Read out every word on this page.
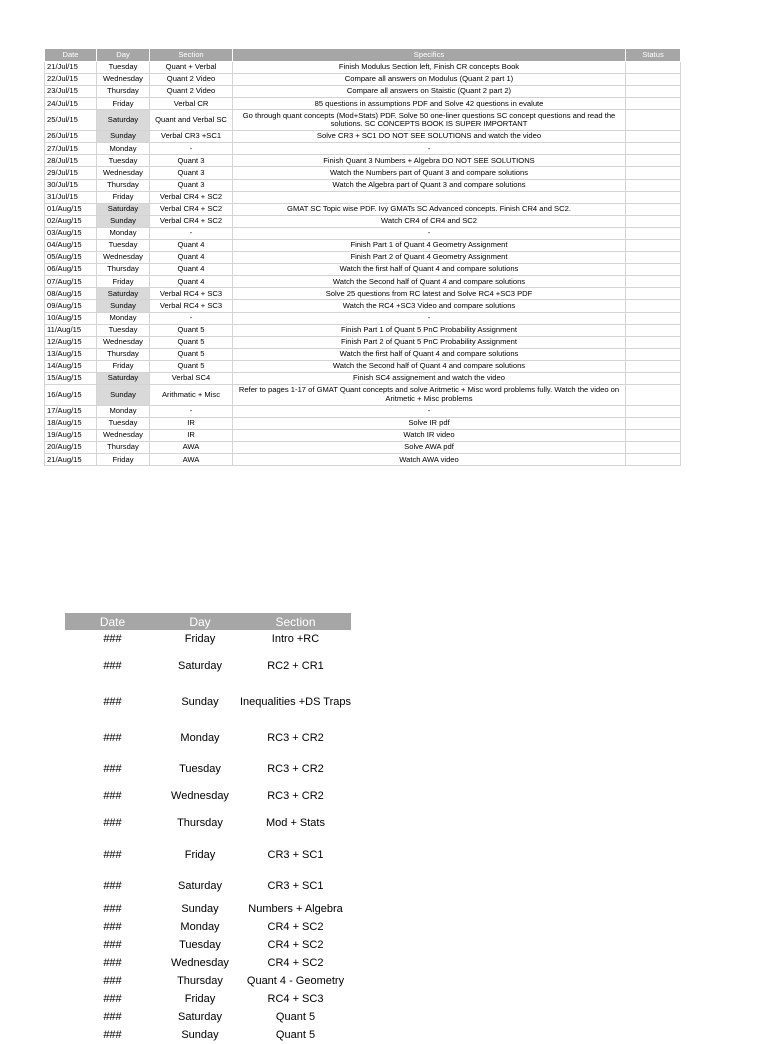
Date	Day	Section	Specifics	Status
21/Jul/15	Tuesday	Quant + Verbal	Finish Modulus Section left, Finish CR concepts Book	
22/Jul/15	Wednesday	Quant 2 Video	Compare all answers on Modulus (Quant 2 part 1)	
23/Jul/15	Thursday	Quant 2 Video	Compare all answers on Staistic (Quant 2 part 2)	
24/Jul/15	Friday	Verbal CR	85 questions in assumptions PDF and Solve 42 questions in evalute	
25/Jul/15	Saturday	Quant and Verbal SC	Go through quant concepts (Mod+Stats) PDF. Solve 50 one-liner questions SC concept questions and read the solutions. SC CONCEPTS BOOK IS SUPER IMPORTANT	
26/Jul/15	Sunday	Verbal CR3 +SC1	Solve CR3 + SC1 DO NOT SEE SOLUTIONS and watch the video	
27/Jul/15	Monday	-	-	
28/Jul/15	Tuesday	Quant 3	Finish Quant 3 Numbers + Algebra DO NOT SEE SOLUTIONS	
29/Jul/15	Wednesday	Quant 3	Watch the Numbers part of Quant 3 and compare solutions	
30/Jul/15	Thursday	Quant 3	Watch the Algebra part of Quant 3 and compare solutions	
31/Jul/15	Friday	Verbal CR4 + SC2		
01/Aug/15	Saturday	Verbal CR4 + SC2	GMAT SC Topic wise PDF. Ivy GMATs SC Advanced concepts. Finish CR4 and SC2.	
02/Aug/15	Sunday	Verbal CR4 + SC2	Watch CR4 of CR4 and SC2	
03/Aug/15	Monday	-	-	
04/Aug/15	Tuesday	Quant 4	Finish Part 1 of Quant 4 Geometry Assignment	
05/Aug/15	Wednesday	Quant 4	Finish Part 2 of Quant 4 Geometry Assignment	
06/Aug/15	Thursday	Quant 4	Watch the first half of Quant 4 and compare solutions	
07/Aug/15	Friday	Quant 4	Watch the Second half of Quant 4 and compare solutions	
08/Aug/15	Saturday	Verbal RC4 + SC3	Solve 25 questions from RC latest and Solve RC4 +SC3 PDF	
09/Aug/15	Sunday	Verbal RC4 + SC3	Watch the RC4 +SC3 Video and compare solutions	
10/Aug/15	Monday	-	-	
11/Aug/15	Tuesday	Quant 5	Finish Part 1 of Quant 5 PnC Probability Assignment	
12/Aug/15	Wednesday	Quant 5	Finish Part 2 of Quant 5 PnC Probability Assignment	
13/Aug/15	Thursday	Quant 5	Watch the first half of Quant 4 and compare solutions	
14/Aug/15	Friday	Quant 5	Watch the Second half of Quant 4 and compare solutions	
15/Aug/15	Saturday	Verbal SC4	Finish SC4 assignement and watch the video	
16/Aug/15	Sunday	Arithmatic + Misc	Refer to pages 1-17 of GMAT Quant concepts and solve Aritmetic + Misc word problems fully. Watch the video on Aritmetic + Misc problems	
17/Aug/15	Monday	-	-	
18/Aug/15	Tuesday	IR	Solve IR pdf	
19/Aug/15	Wednesday	IR	Watch IR video	
20/Aug/15	Thursday	AWA	Solve AWA pdf	
21/Aug/15	Friday	AWA	Watch AWA video	
Date	Day	Section
###	Friday	Intro +RC
###	Saturday	RC2 + CR1
###	Sunday	Inequalities +DS Traps
###	Monday	RC3 + CR2
###	Tuesday	RC3 + CR2
###	Wednesday	RC3 + CR2
###	Thursday	Mod + Stats
###	Friday	CR3 + SC1
###	Saturday	CR3 + SC1
###	Sunday	Numbers + Algebra
###	Monday	CR4 + SC2
###	Tuesday	CR4 + SC2
###	Wednesday	CR4 + SC2
###	Thursday	Quant 4 - Geometry
###	Friday	RC4 + SC3
###	Saturday	Quant 5
###	Sunday	Quant 5
